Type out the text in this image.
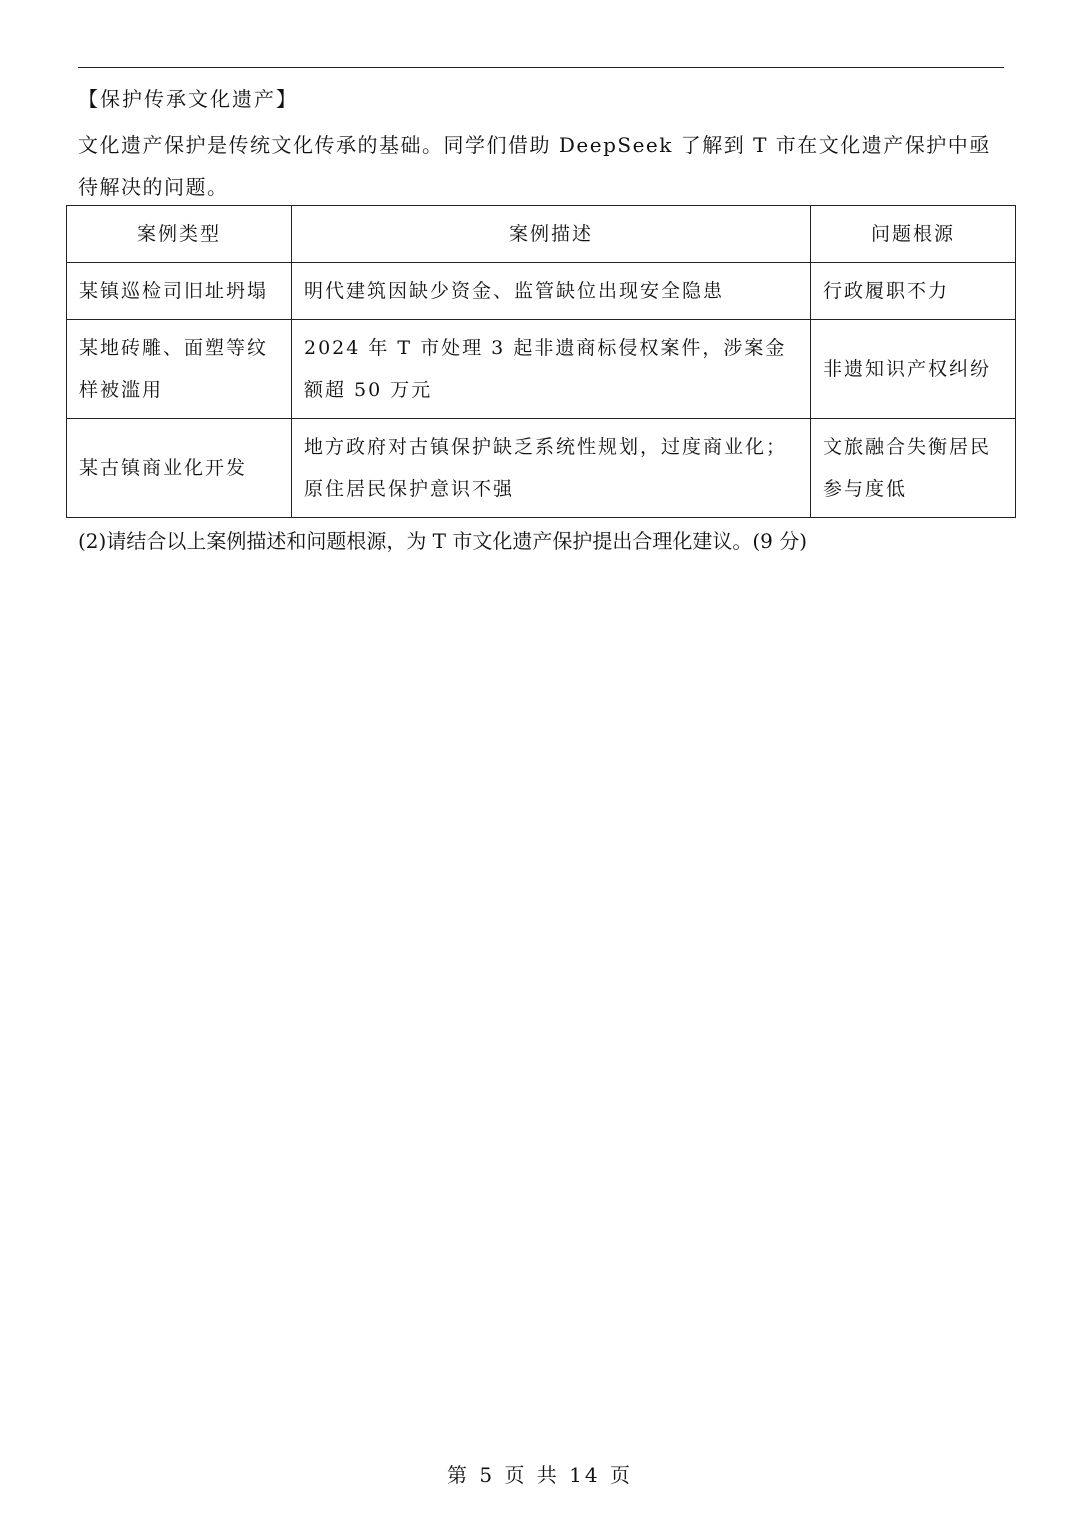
【保护传承文化遗产】
文化遗产保护是传统文化传承的基础。同学们借助 DeepSeek 了解到 T 市在文化遗产保护中亟待解决的问题。
案例类型	案例描述	问题根源
某镇巡检司旧址坍塌	明代建筑因缺少资金、监管缺位出现安全隐患	行政履职不力
某地砖雕、面塑等纹样被滥用	2024 年 T 市处理 3 起非遗商标侵权案件，涉案金额超 50 万元	非遗知识产权纠纷
某古镇商业化开发	地方政府对古镇保护缺乏系统性规划，过度商业化；原住居民保护意识不强	文旅融合失衡居民参与度低
(2)请结合以上案例描述和问题根源，为 T 市文化遗产保护提出合理化建议。(9 分)
第 5 页 共 14 页
